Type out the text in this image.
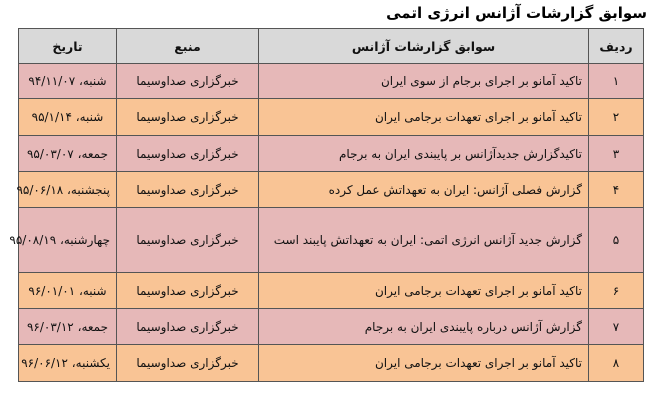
سوابق گزارشات آژانس انرژی اتمی
ردیف	سوابق گزارشات آژانس	منبع	تاریخ
۱	تاکید آمانو بر اجرای برجام از سوی ایران	خبرگزاری صداوسیما	شنبه، ۹۴/۱۱/۰۷
۲	تاکید آمانو بر اجرای تعهدات برجامی ایران	خبرگزاری صداوسیما	شنبه، ۹۵/۱/۱۴
۳	تاکیدگزارش جدیدآژانس بر پایبندی ایران به برجام	خبرگزاری صداوسیما	جمعه، ۹۵/۰۳/۰۷
۴	گزارش فصلی آژانس: ایران به تعهداتش عمل کرده	خبرگزاری صداوسیما	پنجشنبه، ۹۵/۰۶/۱۸
۵	گزارش جدید آژانس انرژی اتمی: ایران به تعهداتش پایبند است	خبرگزاری صداوسیما	چهارشنبه، ۹۵/۰۸/۱۹
۶	تاکید آمانو بر اجرای تعهدات برجامی ایران	خبرگزاری صداوسیما	شنبه، ۹۶/۰۱/۰۱
۷	گزارش آژانس درباره پایبندی ایران به برجام	خبرگزاری صداوسیما	جمعه، ۹۶/۰۳/۱۲
۸	تاکید آمانو بر اجرای تعهدات برجامی ایران	خبرگزاری صداوسیما	یکشنبه، ۹۶/۰۶/۱۲
